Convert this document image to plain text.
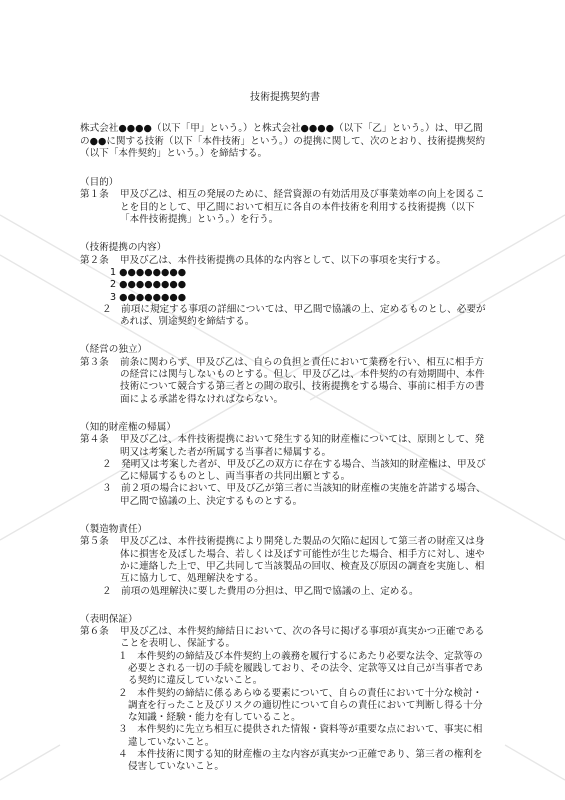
技術提携契約書

株式会社●●●●（以下「甲」という。）と株式会社●●●●（以下「乙」という。）は、甲乙間の●●に関する技術（以下「本件技術」という。）の提携に関して、次のとおり、技術提携契約（以下「本件契約」という。）を締結する。

（目的）

第１条 甲及び乙は、相互の発展のために、経営資源の有効活用及び事業効率の向上を図ることを目的として、甲乙間において相互に各自の本件技術を利用する技術提携（以下「本件技術提携」という。）を行う。

（技術提携の内容）

第２条 甲及び乙は、本件技術提携の具体的な内容として、以下の事項を実行する。

1 ●●●●●●●●

2 ●●●●●●●●

3 ●●●●●●●●

２　前項に規定する事項の詳細については、甲乙間で協議の上、定めるものとし、必要があれば、別途契約を締結する。

（経営の独立）

第３条 前条に関わらず、甲及び乙は、自らの負担と責任において業務を行い、相互に相手方の経営には関与しないものとする。但し、甲及び乙は、本件契約の有効期間中、本件技術について競合する第三者との間の取引、技術提携をする場合、事前に相手方の書面による承諾を得なければならない。

（知的財産権の帰属）

第４条 甲及び乙は、本件技術提携において発生する知的財産権については、原則として、発明又は考案した者が所属する当事者に帰属する。

２　発明又は考案した者が、甲及び乙の双方に存在する場合、当該知的財産権は、甲及び乙に帰属するものとし、両当事者の共同出願とする。

３　前２項の場合において、甲及び乙が第三者に当該知的財産権の実施を許諾する場合、甲乙間で協議の上、決定するものとする。

（製造物責任）

第５条 甲及び乙は、本件技術提携により開発した製品の欠陥に起因して第三者の財産又は身体に損害を及ぼした場合、若しくは及ぼす可能性が生じた場合、相手方に対し、速やかに連絡した上で、甲乙共同して当該製品の回収、検査及び原因の調査を実施し、相互に協力して、処理解決をする。

２　前項の処理解決に要した費用の分担は、甲乙間で協議の上、定める。

（表明保証）

第６条 甲及び乙は、本件契約締結日において、次の各号に掲げる事項が真実かつ正確であることを表明し、保証する。

１　本件契約の締結及び本件契約上の義務を履行するにあたり必要な法令、定款等の必要とされる一切の手続を履践しており、その法令、定款等又は自己が当事者である契約に違反していないこと。

２　本件契約の締結に係るあらゆる要素について、自らの責任において十分な検討・調査を行ったこと及びリスクの適切性について自らの責任において判断し得る十分な知識・経験・能力を有していること。

３　本件契約に先立ち相互に提供された情報・資料等が重要な点において、事実に相違していないこと。

４　本件技術に関する知的財産権の主な内容が真実かつ正確であり、第三者の権利を侵害していないこと。
